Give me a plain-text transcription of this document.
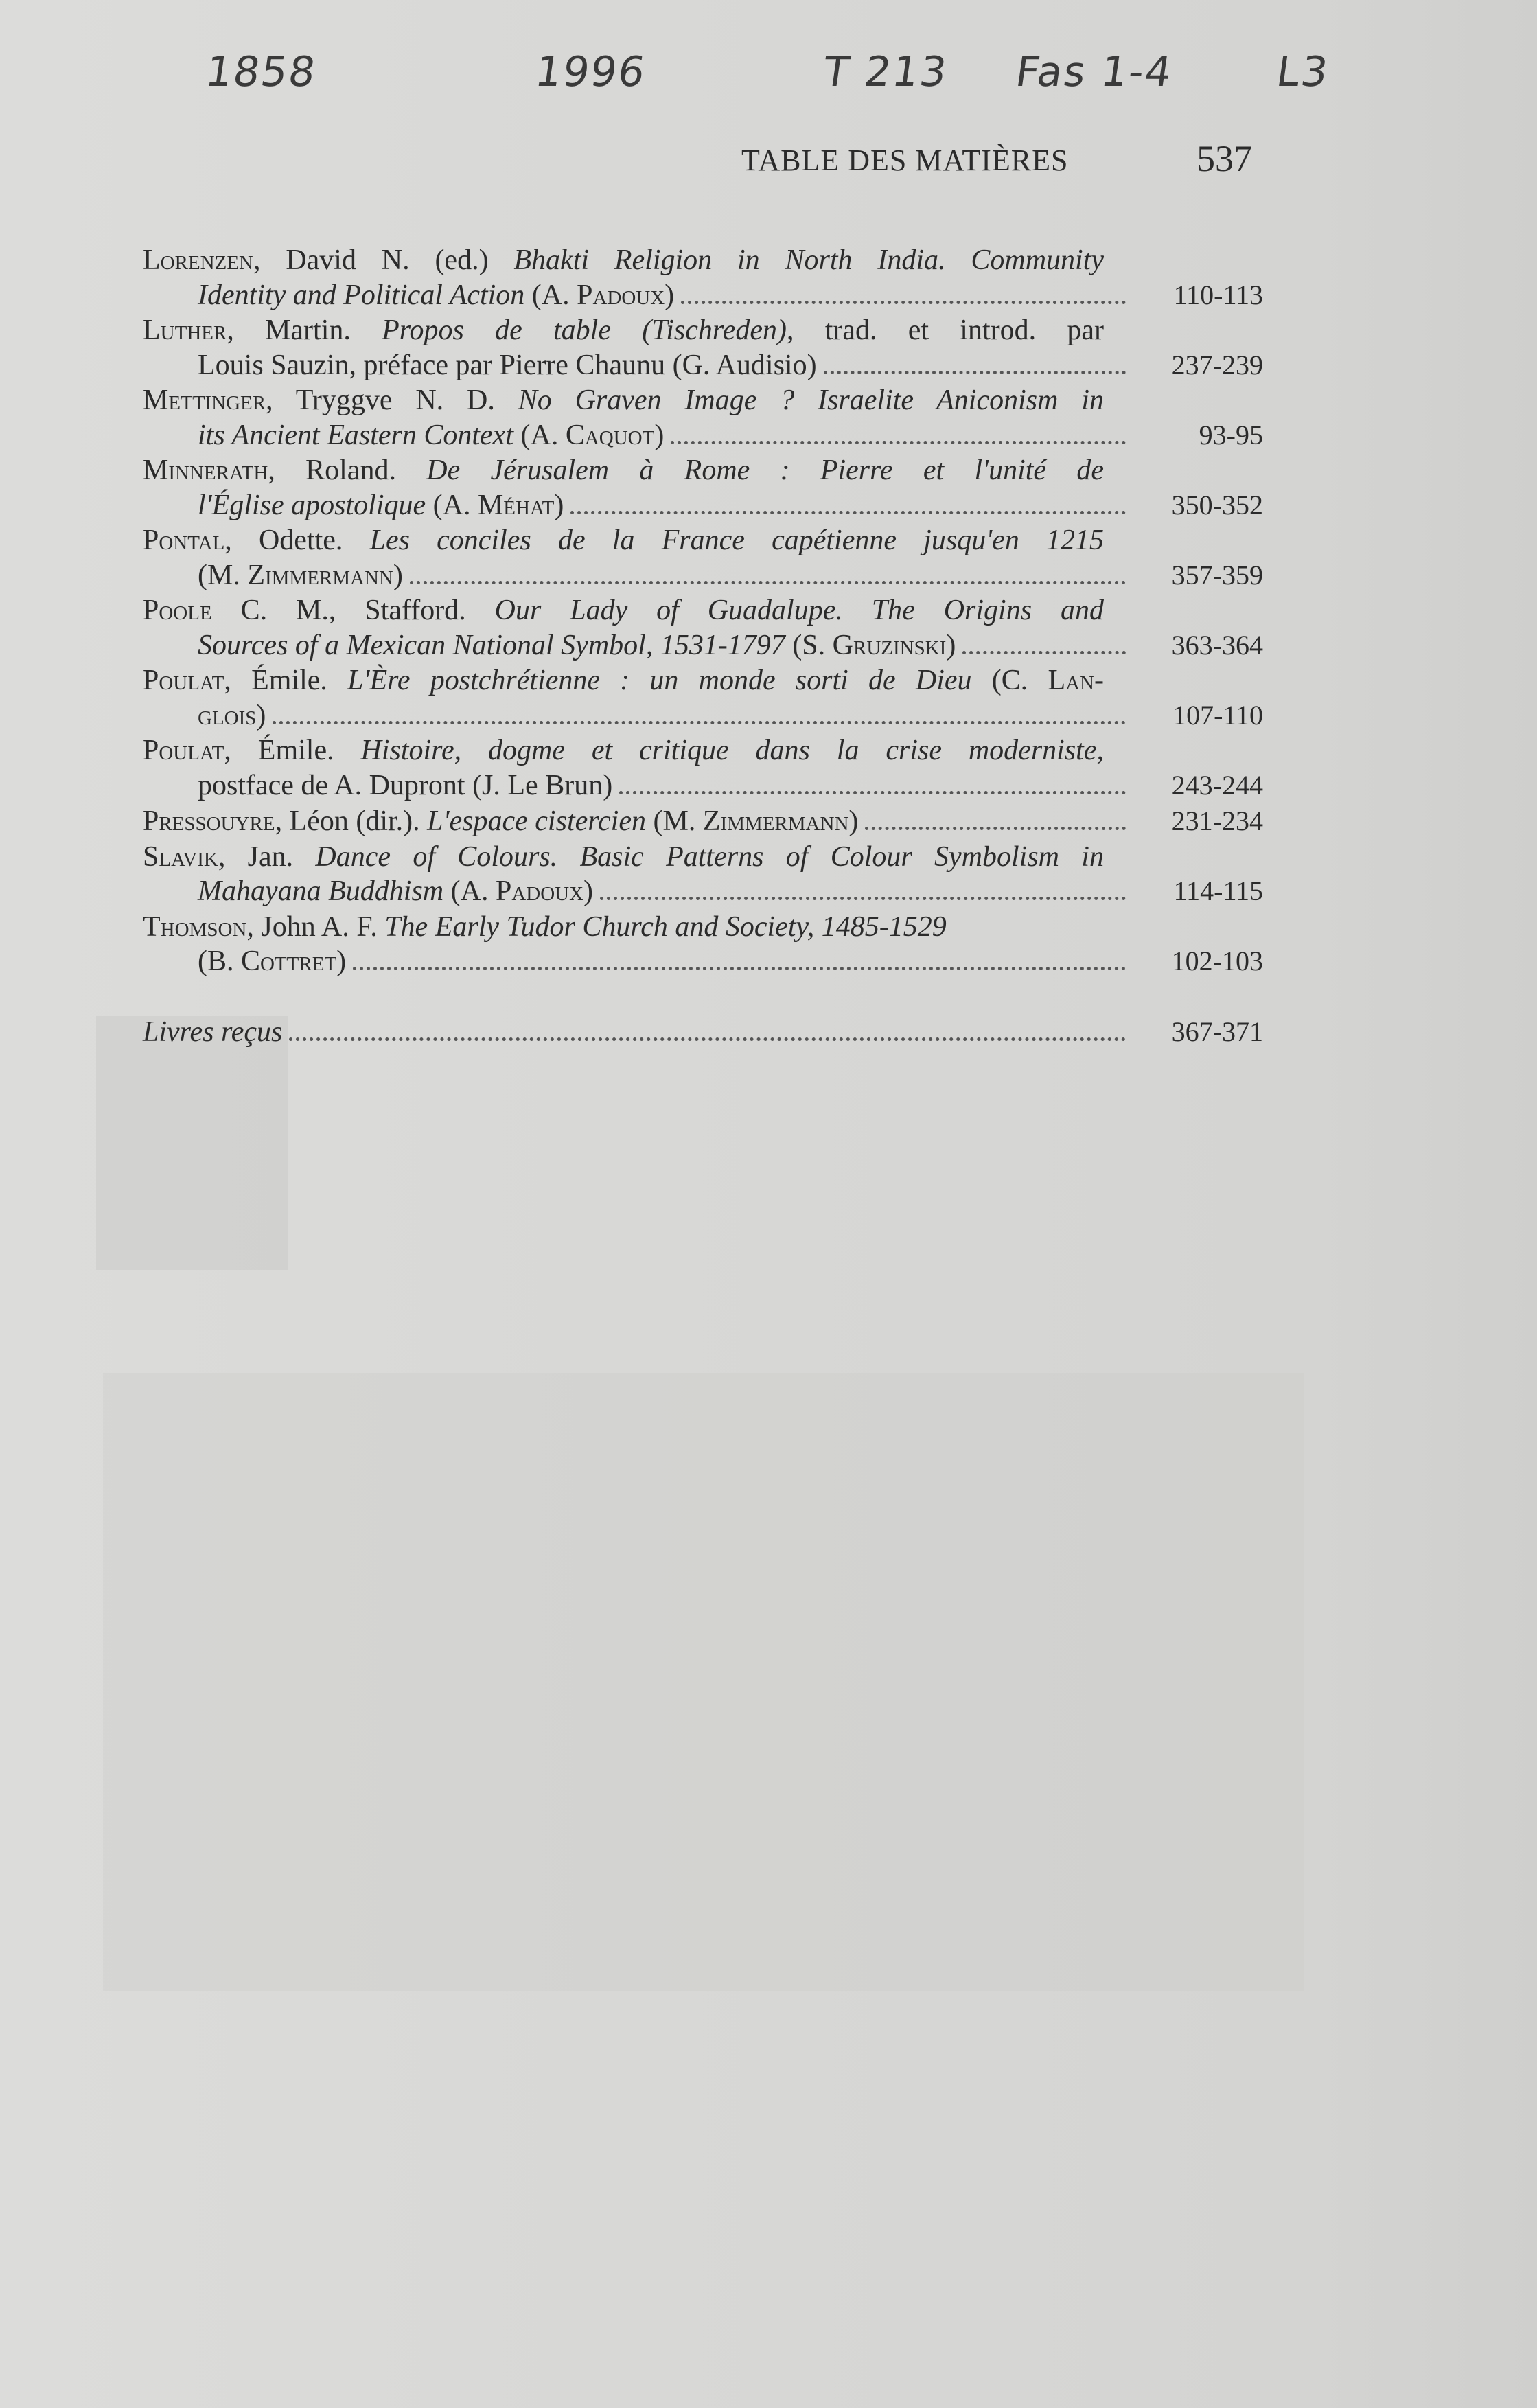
1858	1996	T 213 Fas 1-4 L3
TABLE DES MATIÈRES	537
Lorenzen, David N. (ed.) Bhakti Religion in North India. Community
Identity and Political Action (A. Padoux)	110-113
Luther, Martin. Propos de table (Tischreden), trad. et introd. par
Louis Sauzin, préface par Pierre Chaunu (G. Audisio)	237-239
Mettinger, Tryggve N. D. No Graven Image ? Israelite Aniconism in
its Ancient Eastern Context (A. Caquot)	93-95
Minnerath, Roland. De Jérusalem à Rome : Pierre et l'unité de
l'Église apostolique (A. Méhat)	350-352
Pontal, Odette. Les conciles de la France capétienne jusqu'en 1215
(M. Zimmermann)	357-359
Poole C. M., Stafford. Our Lady of Guadalupe. The Origins and
Sources of a Mexican National Symbol, 1531-1797 (S. Gruzinski)	363-364
Poulat, Émile. L'Ère postchrétienne : un monde sorti de Dieu (C. Lan-
glois)	107-110
Poulat, Émile. Histoire, dogme et critique dans la crise moderniste,
postface de A. Dupront (J. Le Brun)	243-244
Pressouyre, Léon (dir.). L'espace cistercien (M. Zimmermann)	231-234
Slavik, Jan. Dance of Colours. Basic Patterns of Colour Symbolism in
Mahayana Buddhism (A. Padoux)	114-115
Thomson, John A. F. The Early Tudor Church and Society, 1485-1529
(B. Cottret)	102-103
Livres reçus	367-371
